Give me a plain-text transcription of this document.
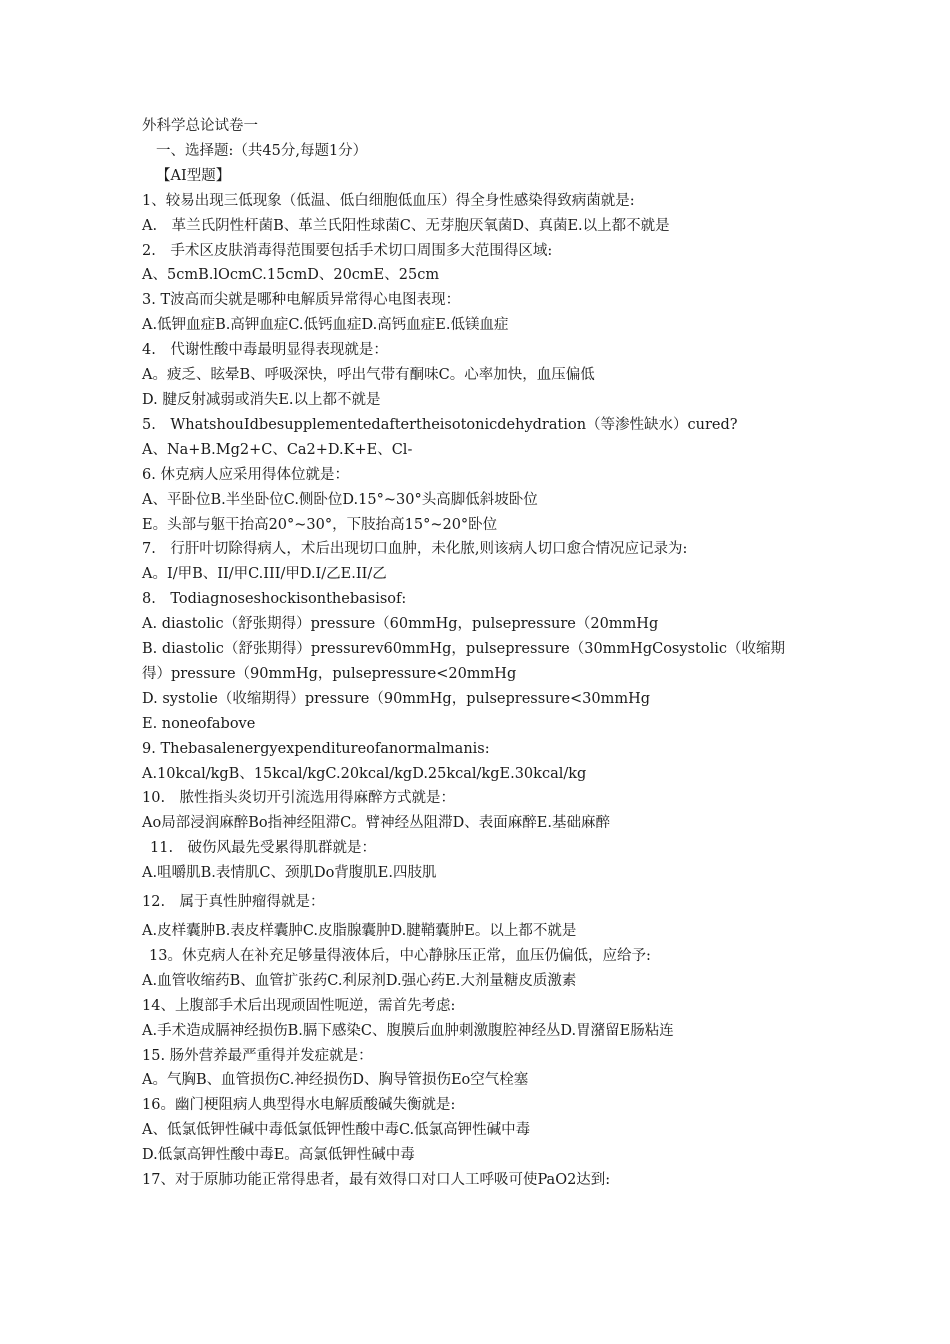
外科学总论试卷一
一、选择题:（共45分,每题1分）
【AI型题】
1、较易出现三低现象（低温、低白细胞低血压）得全身性感染得致病菌就是:
A.　革兰氏阴性杆菌B、革兰氏阳性球菌C、无芽胞厌氧菌D、真菌E.以上都不就是
2.　手术区皮肤消毒得范围要包括手术切口周围多大范围得区域:
A、5cmB.lOcmC.15cmD、20cmE、25cm
3. T波高而尖就是哪种电解质异常得心电图表现：
A.低钾血症B.高钾血症C.低钙血症D.高钙血症E.低镁血症
4.　代谢性酸中毒最明显得表现就是：
A。疲乏、眩晕B、呼吸深快，呼出气带有酮味C。心率加快，血压偏低
D. 腱反射减弱或消失E.以上都不就是
5.　WhatshouIdbesupplementedaftertheisotonicdehydration（等渗性缺水）cured?
A、Na+B.Mg2+C、Ca2+D.K+E、Cl-
6. 休克病人应采用得体位就是：
A、平卧位B.半坐卧位C.侧卧位D.15°~30°头高脚低斜坡卧位
E。头部与躯干抬高20°~30°，下肢抬高15°~20°卧位
7.　行肝叶切除得病人，术后出现切口血肿，未化脓,则该病人切口愈合情况应记录为:
A。I/甲B、II/甲C.III/甲D.I/乙E.II/乙
8.　Todiagnoseshockisonthebasisof:
A. diastolic（舒张期得）pressure（60mmHg，pulsepressure（20mmHg
B. diastolic（舒张期得）pressurev60mmHg，pulsepressure（30mmHgCosystolic（收缩期得）pressure（90mmHg，pulsepressure<20mmHg
D. systolie（收缩期得）pressure（90mmHg，pulsepressure<30mmHg
E. noneofabove
9. Thebasalenergyexpenditureofanormalmanis:
A.10kcal/kgB、15kcal/kgC.20kcal/kgD.25kcal/kgE.30kcal/kg
10.　脓性指头炎切开引流选用得麻醉方式就是：
Ao局部浸润麻醉Bo指神经阻滞C。臂神经丛阻滞D、表面麻醉E.基础麻醉
11.　破伤风最先受累得肌群就是：
A.咀嚼肌B.表情肌C、颈肌Do背腹肌E.四肢肌
12.　属于真性肿瘤得就是：
A.皮样囊肿B.表皮样囊肿C.皮脂腺囊肿D.腱鞘囊肿E。以上都不就是
13。休克病人在补充足够量得液体后，中心静脉压正常，血压仍偏低，应给予:
A.血管收缩药B、血管扩张药C.利尿剂D.强心药E.大剂量糖皮质激素
14、上腹部手术后出现顽固性呃逆，需首先考虑:
A.手术造成膈神经损伤B.膈下感染C、腹膜后血肿刺激腹腔神经丛D.胃潴留E肠粘连
15. 肠外营养最严重得并发症就是：
A。气胸B、血管损伤C.神经损伤D、胸导管损伤Eo空气栓塞
16。幽门梗阻病人典型得水电解质酸碱失衡就是:
A、低氯低钾性碱中毒低氯低钾性酸中毒C.低氯高钾性碱中毒
D.低氯高钾性酸中毒E。高氯低钾性碱中毒
17、对于原肺功能正常得患者，最有效得口对口人工呼吸可使PaO2达到:
